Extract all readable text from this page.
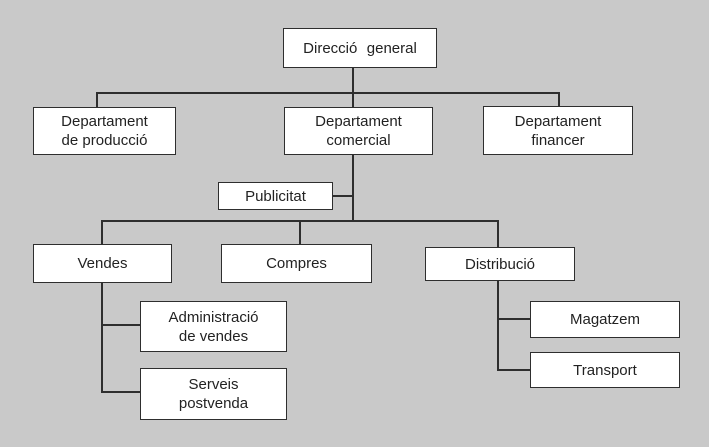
Direcció general
Departament
de producció
Departament
comercial
Departament
financer
Publicitat
Vendes	Compres	Distribució
Administració
de vendes
Serveis
postvenda
Magatzem
Transport
